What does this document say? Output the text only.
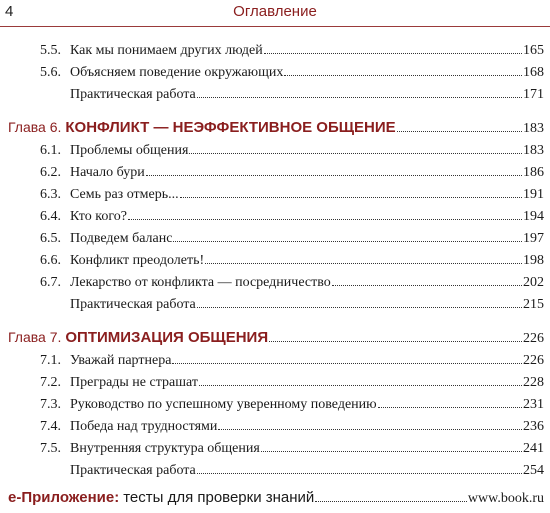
4	Оглавление
5.5. Как мы понимаем других людей	165
5.6. Объясняем поведение окружающих	168
Практическая работа	171
Глава 6. КОНФЛИКТ — НЕЭФФЕКТИВНОЕ ОБЩЕНИЕ	183
6.1. Проблемы общения	183
6.2. Начало бури	186
6.3. Семь раз отмерь...	191
6.4. Кто кого?	194
6.5. Подведем баланс	197
6.6. Конфликт преодолеть!	198
6.7. Лекарство от конфликта — посредничество	202
Практическая работа	215
Глава 7. ОПТИМИЗАЦИЯ ОБЩЕНИЯ	226
7.1. Уважай партнера	226
7.2. Преграды не страшат	228
7.3. Руководство по успешному уверенному поведению	231
7.4. Победа над трудностями	236
7.5. Внутренняя структура общения	241
Практическая работа	254
е-Приложение: тесты для проверки знаний	www.book.ru
